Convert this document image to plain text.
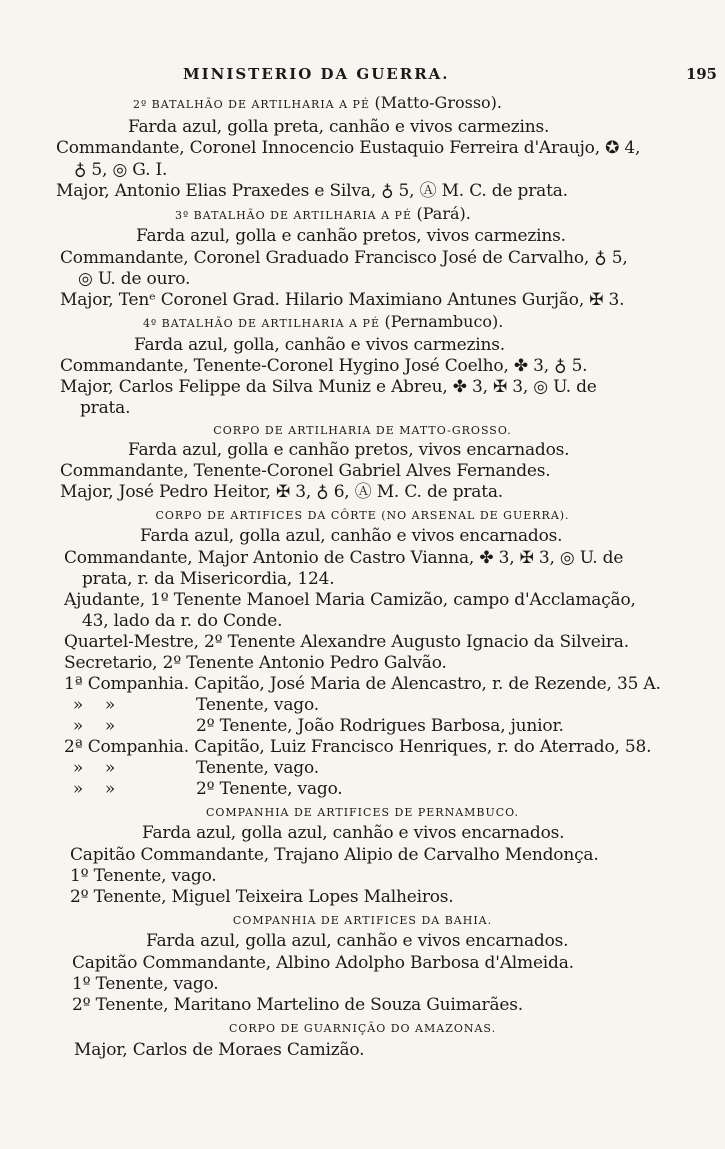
MINISTERIO DA GUERRA.	195
2º BATALHÃO DE ARTILHARIA A PÉ (Matto-Grosso).
Farda azul, golla preta, canhão e vivos carmezins.
Commandante, Coronel Innocencio Eustaquio Ferreira d'Araujo, ✪ 4,
♁ 5, ◎ G. I.
Major, Antonio Elias Praxedes e Silva, ♁ 5, Ⓐ M. C. de prata.
3º BATALHÃO DE ARTILHARIA A PÉ (Pará).
Farda azul, golla e canhão pretos, vivos carmezins.
Commandante, Coronel Graduado Francisco José de Carvalho, ♁ 5,
◎ U. de ouro.
Major, Tenᵉ Coronel Grad. Hilario Maximiano Antunes Gurjão, ✠ 3.
4º BATALHÃO DE ARTILHARIA A PÉ (Pernambuco).
Farda azul, golla, canhão e vivos carmezins.
Commandante, Tenente-Coronel Hygino José Coelho, ✤ 3, ♁ 5.
Major, Carlos Felippe da Silva Muniz e Abreu, ✤ 3, ✠ 3, ◎ U. de
prata.
CORPO DE ARTILHARIA DE MATTO-GROSSO.
Farda azul, golla e canhão pretos, vivos encarnados.
Commandante, Tenente-Coronel Gabriel Alves Fernandes.
Major, José Pedro Heitor, ✠ 3, ♁ 6, Ⓐ M. C. de prata.
CORPO DE ARTIFICES DA CÔRTE (NO ARSENAL DE GUERRA).
Farda azul, golla azul, canhão e vivos encarnados.
Commandante, Major Antonio de Castro Vianna, ✤ 3, ✠ 3, ◎ U. de
prata, r. da Misericordia, 124.
Ajudante, 1º Tenente Manoel Maria Camizão, campo d'Acclamação,
43, lado da r. do Conde.
Quartel-Mestre, 2º Tenente Alexandre Augusto Ignacio da Silveira.
Secretario, 2º Tenente Antonio Pedro Galvão.
1ª Companhia. Capitão, José Maria de Alencastro, r. de Rezende, 35 A.
» »	Tenente, vago.
» »	2º Tenente, João Rodrigues Barbosa, junior.
2ª Companhia. Capitão, Luiz Francisco Henriques, r. do Aterrado, 58.
» »	Tenente, vago.
» »	2º Tenente, vago.
COMPANHIA DE ARTIFICES DE PERNAMBUCO.
Farda azul, golla azul, canhão e vivos encarnados.
Capitão Commandante, Trajano Alipio de Carvalho Mendonça.
1º Tenente, vago.
2º Tenente, Miguel Teixeira Lopes Malheiros.
COMPANHIA DE ARTIFICES DA BAHIA.
Farda azul, golla azul, canhão e vivos encarnados.
Capitão Commandante, Albino Adolpho Barbosa d'Almeida.
1º Tenente, vago.
2º Tenente, Maritano Martelino de Souza Guimarães.
CORPO DE GUARNIÇÃO DO AMAZONAS.
Major, Carlos de Moraes Camizão.
